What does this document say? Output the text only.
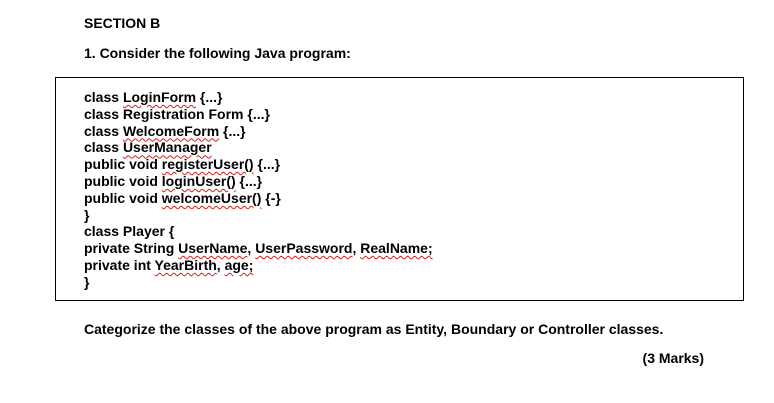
SECTION B
1. Consider the following Java program:
class LoginForm {...}
class Registration Form {...}
class WelcomeForm {...}
class UserManager
public void registerUser() {...}
public void loginUser() {...}
public void welcomeUser() {-}
}
class Player {
private String UserName, UserPassword, RealName;
private int YearBirth, age;
}
Categorize the classes of the above program as Entity, Boundary or Controller classes.
(3 Marks)
